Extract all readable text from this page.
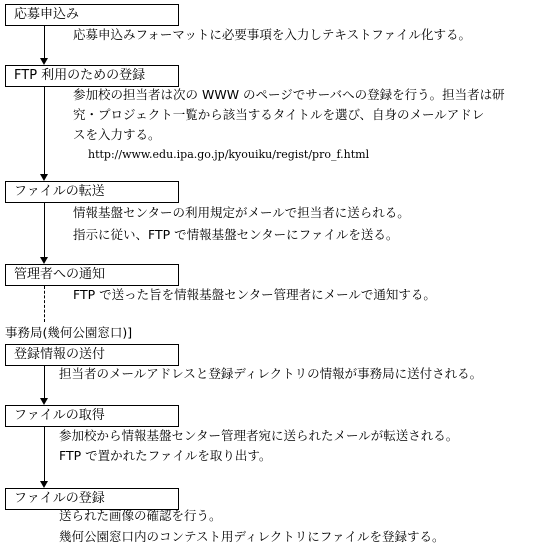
応募申込み
応募申込みフォーマットに必要事項を入力しテキストファイル化する。
FTP 利用のための登録
参加校の担当者は次の WWW のページでサーバへの登録を行う。担当者は研
究・プロジェクト一覧から該当するタイトルを選び、自身のメールアドレ
スを入力する。
http://www.edu.ipa.go.jp/kyouiku/regist/pro_f.html
ファイルの転送
情報基盤センターの利用規定がメールで担当者に送られる。
指示に従い、FTP で情報基盤センターにファイルを送る。
管理者への通知
FTP で送った旨を情報基盤センター管理者にメールで通知する。
事務局(幾何公園窓口)]
登録情報の送付
担当者のメールアドレスと登録ディレクトリの情報が事務局に送付される。
ファイルの取得
参加校から情報基盤センター管理者宛に送られたメールが転送される。
FTP で置かれたファイルを取り出す。
ファイルの登録
送られた画像の確認を行う。
幾何公園窓口内のコンテスト用ディレクトリにファイルを登録する。
